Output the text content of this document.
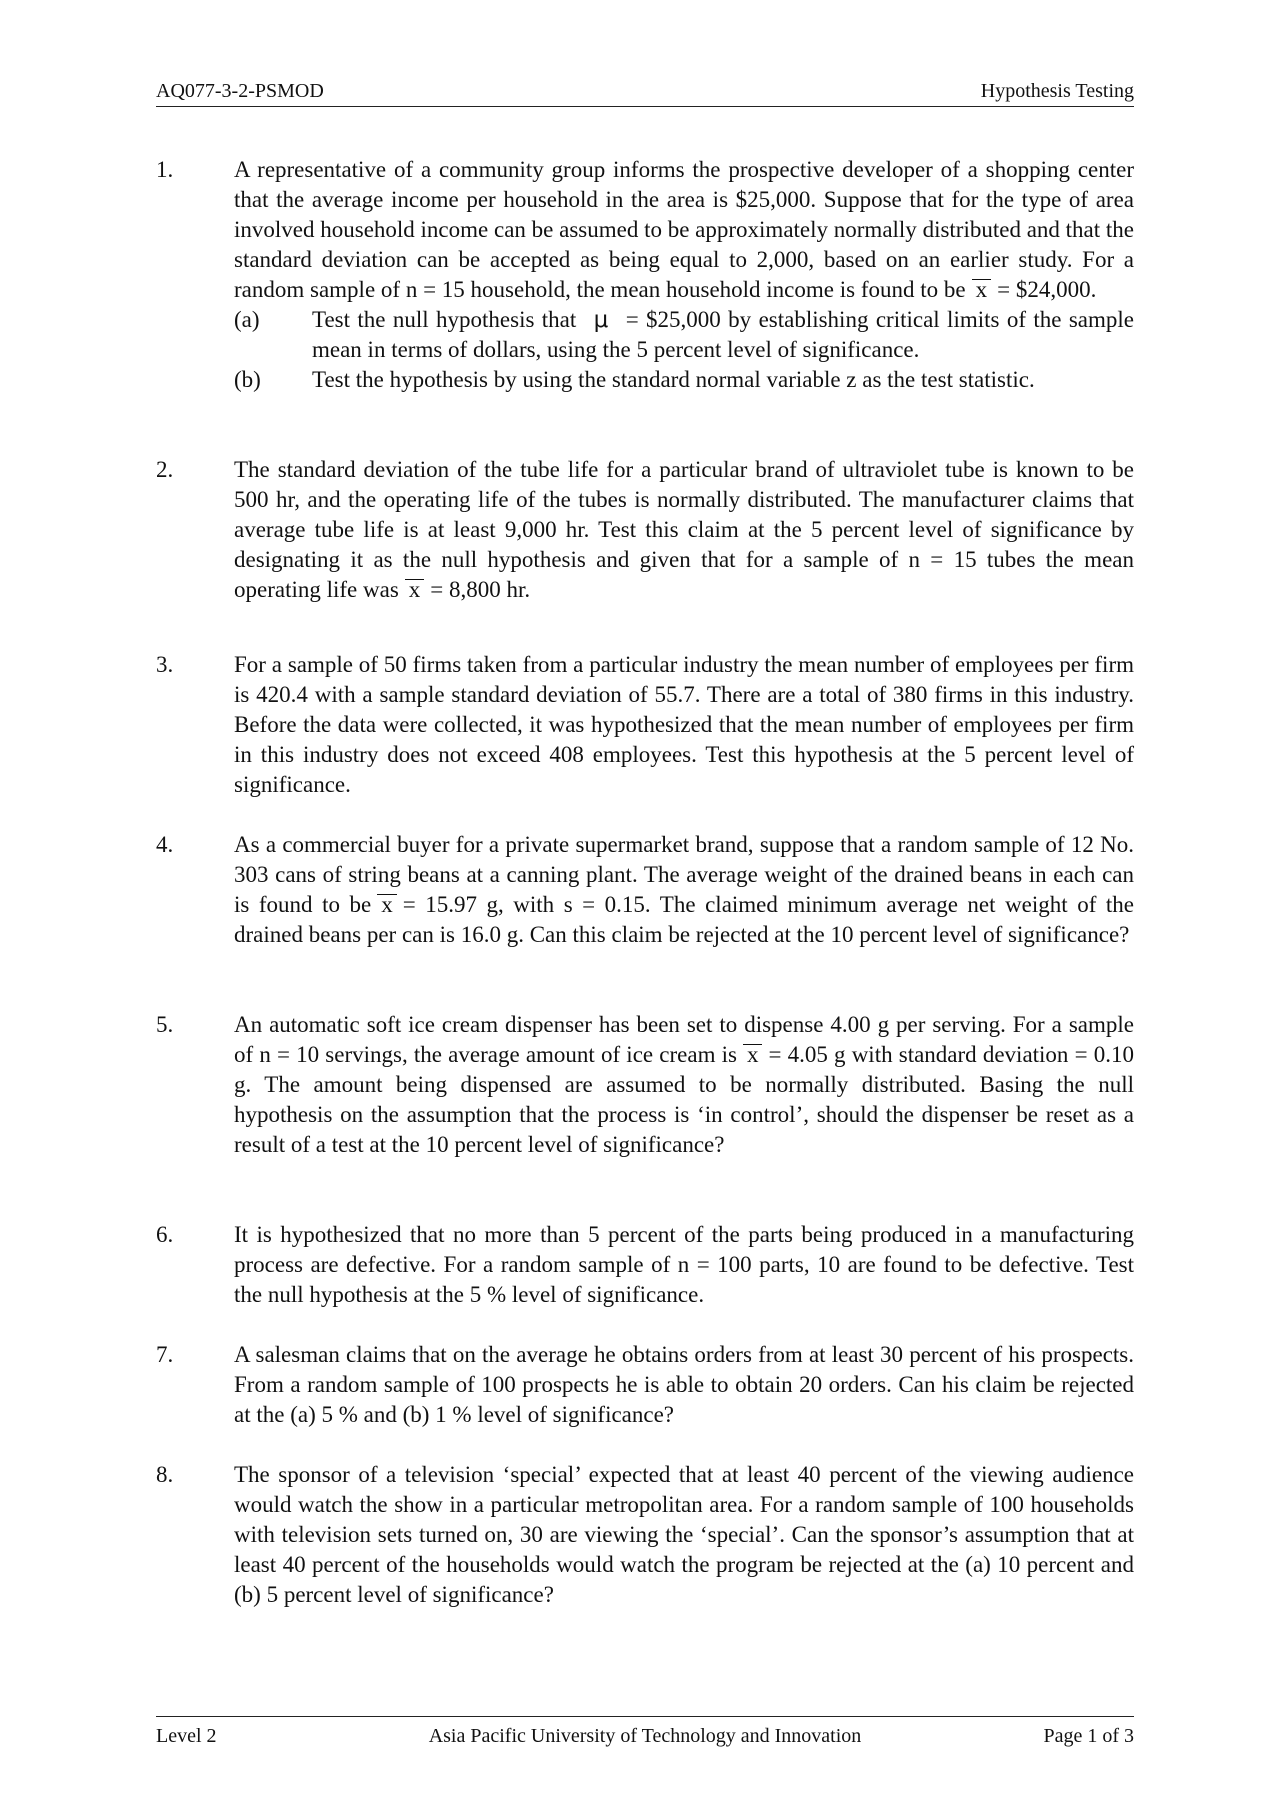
AQ077-3-2-PSMOD	Hypothesis Testing
1.	A representative of a community group informs the prospective developer of a shopping center that the average income per household in the area is $25,000. Suppose that for the type of area involved household income can be assumed to be approximately normally distributed and that the standard deviation can be accepted as being equal to 2,000, based on an earlier study. For a random sample of n = 15 household, the mean household income is found to be x = $24,000.

(a) Test the null hypothesis that μ = $25,000 by establishing critical limits of the sample mean in terms of dollars, using the 5 percent level of significance.
(b) Test the hypothesis by using the standard normal variable z as the test statistic.
2.	The standard deviation of the tube life for a particular brand of ultraviolet tube is known to be 500 hr, and the operating life of the tubes is normally distributed. The manufacturer claims that average tube life is at least 9,000 hr. Test this claim at the 5 percent level of significance by designating it as the null hypothesis and given that for a sample of n = 15 tubes the mean operating life was x = 8,800 hr.

3.	For a sample of 50 firms taken from a particular industry the mean number of employees per firm is 420.4 with a sample standard deviation of 55.7. There are a total of 380 firms in this industry. Before the data were collected, it was hypothesized that the mean number of employees per firm in this industry does not exceed 408 employees. Test this hypothesis at the 5 percent level of significance.

4.	As a commercial buyer for a private supermarket brand, suppose that a random sample of 12 No. 303 cans of string beans at a canning plant. The average weight of the drained beans in each can is found to be x = 15.97 g, with s = 0.15. The claimed minimum average net weight of the drained beans per can is 16.0 g. Can this claim be rejected at the 10 percent level of significance?

5.	An automatic soft ice cream dispenser has been set to dispense 4.00 g per serving. For a sample of n = 10 servings, the average amount of ice cream is x = 4.05 g with standard deviation = 0.10 g. The amount being dispensed are assumed to be normally distributed. Basing the null hypothesis on the assumption that the process is ‘in control’, should the dispenser be reset as a result of a test at the 10 percent level of significance?

6.	It is hypothesized that no more than 5 percent of the parts being produced in a manufacturing process are defective. For a random sample of n = 100 parts, 10 are found to be defective. Test the null hypothesis at the 5 % level of significance.

7.	A salesman claims that on the average he obtains orders from at least 30 percent of his prospects. From a random sample of 100 prospects he is able to obtain 20 orders. Can his claim be rejected at the (a) 5 % and (b) 1 % level of significance?

8.	The sponsor of a television ‘special’ expected that at least 40 percent of the viewing audience would watch the show in a particular metropolitan area. For a random sample of 100 households with television sets turned on, 30 are viewing the ‘special’. Can the sponsor’s assumption that at least 40 percent of the households would watch the program be rejected at the (a) 10 percent and (b) 5 percent level of significance?

Level 2	Asia Pacific University of Technology and Innovation	Page 1 of 3
